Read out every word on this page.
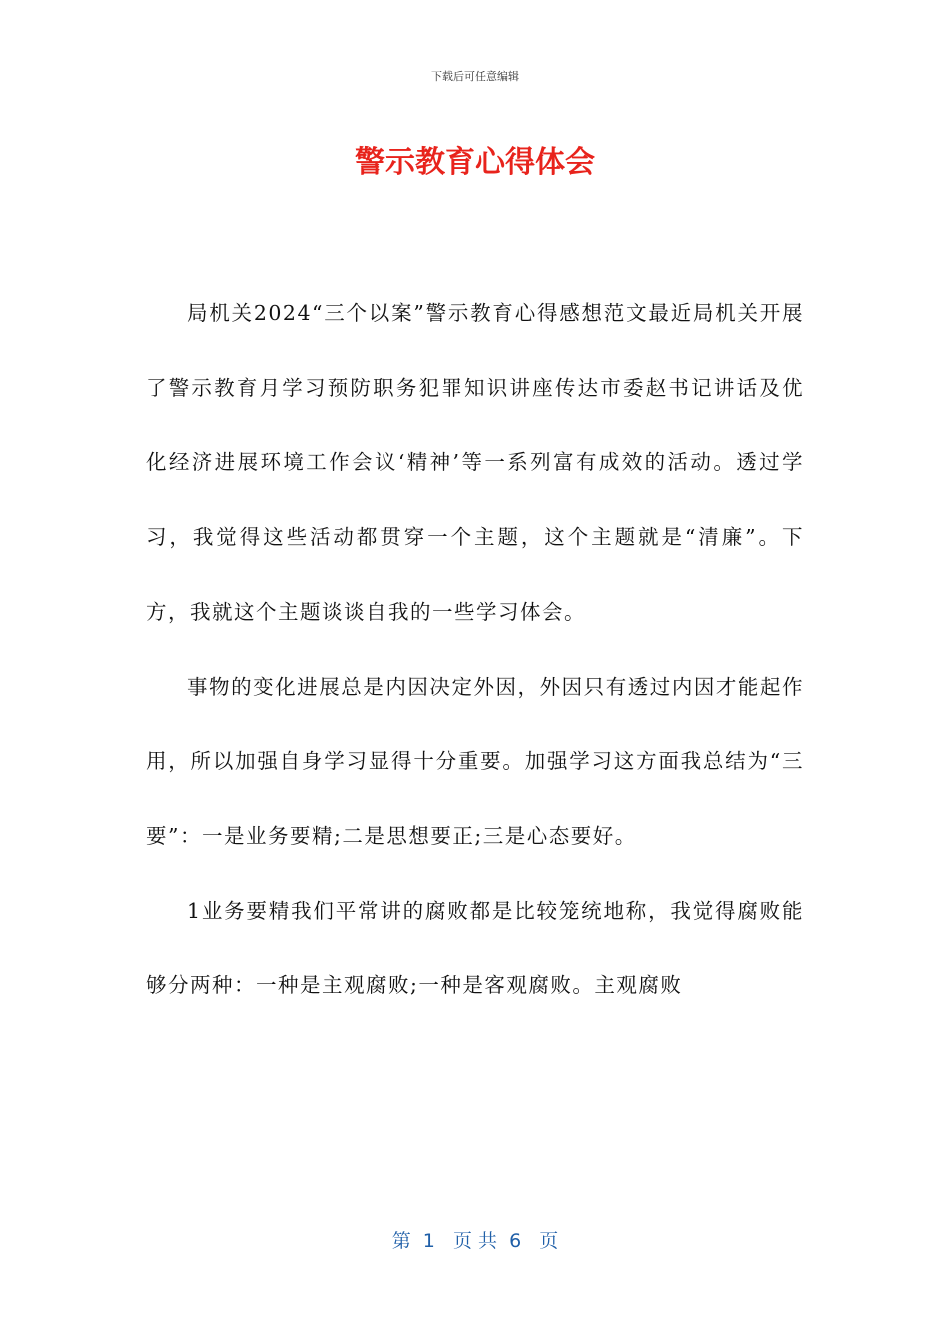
下载后可任意编辑
警示教育心得体会

局机关2024“三个以案”警示教育心得感想范文最近局机关开展了警示教育月学习预防职务犯罪知识讲座传达市委赵书记讲话及优化经济进展环境工作会议‘精神’等一系列富有成效的活动。透过学习，我觉得这些活动都贯穿一个主题，这个主题就是“清廉”。下方，我就这个主题谈谈自我的一些学习体会。

事物的变化进展总是内因决定外因，外因只有透过内因才能起作用，所以加强自身学习显得十分重要。加强学习这方面我总结为“三要”：一是业务要精;二是思想要正;三是心态要好。

1业务要精我们平常讲的腐败都是比较笼统地称，我觉得腐败能够分两种：一种是主观腐败;一种是客观腐败。主观腐败

第  1   页 共  6   页
